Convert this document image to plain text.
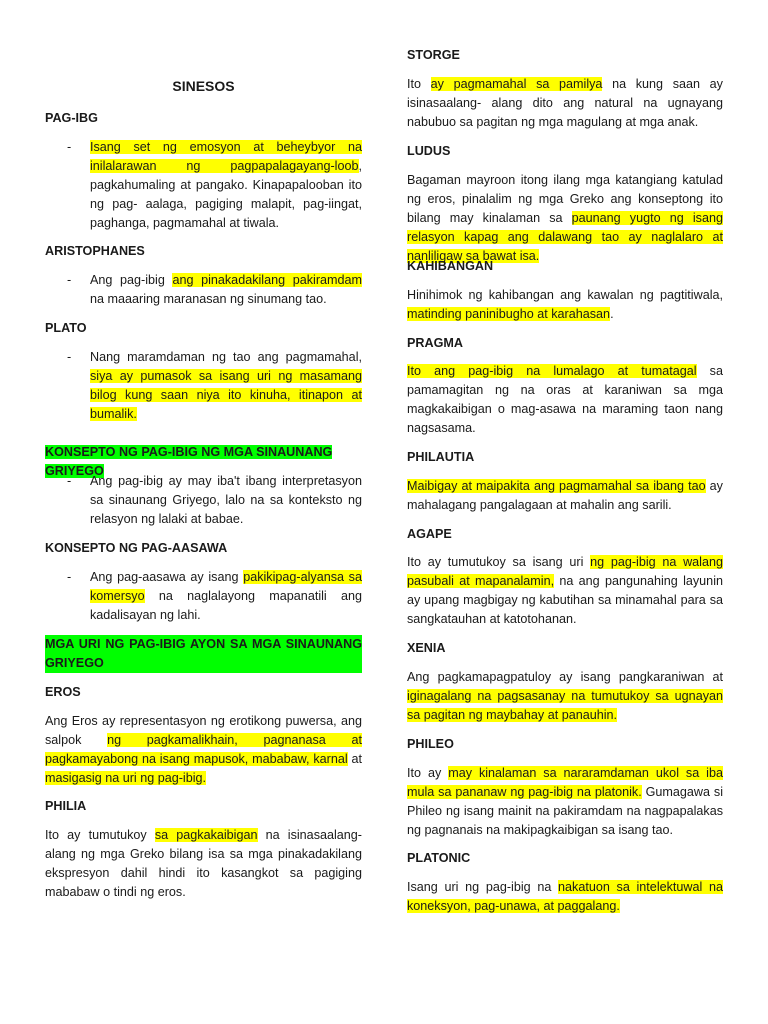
SINESOS
PAG-IBG
- Isang set ng emosyon at beheybyor na inilalarawan ng pagpapalagayang-loob, pagkahumaling at pangako. Kinapapalooban ito ng pag- aalaga, pagiging malapit, pag-iingat, paghanga, pagmamahal at tiwala.

ARISTOPHANES
- Ang pag-ibig ang pinakadakilang pakiramdam na maaaring maranasan ng sinumang tao.

PLATO
- Nang maramdaman ng tao ang pagmamahal, siya ay pumasok sa isang uri ng masamang bilog kung saan niya ito kinuha, itinapon at bumalik.

KONSEPTO NG PAG-IBIG NG MGA SINAUNANG GRIYEGO
- Ang pag-ibig ay may iba't ibang interpretasyon sa sinaunang Griyego, lalo na sa konteksto ng relasyon ng lalaki at babae.

KONSEPTO NG PAG-AASAWA
- Ang pag-aasawa ay isang pakikipag-alyansa sa komersyo na naglalayong mapanatili ang kadalisayan ng lahi.

MGA URI NG PAG-IBIG AYON SA MGA SINAUNANG GRIYEGO
EROS

Ang Eros ay representasyon ng erotikong puwersa, ang salpok ng pagkamalikhain, pagnanasa at pagkamayabong na isang mapusok, mababaw, karnal at masigasig na uri ng pag-ibig.

PHILIA

Ito ay tumutukoy sa pagkakaibigan na isinasaalang-alang ng mga Greko bilang isa sa mga pinakadakilang ekspresyon dahil hindi ito kasangkot sa pagiging mababaw o tindi ng eros.

STORGE

Ito ay pagmamahal sa pamilya na kung saan ay isinasaalang- alang dito ang natural na ugnayang nabubuo sa pagitan ng mga magulang at mga anak.

LUDUS

Bagaman mayroon itong ilang mga katangiang katulad ng eros, pinalalim ng mga Greko ang konseptong ito bilang may kinalaman sa paunang yugto ng isang relasyon kapag ang dalawang tao ay naglalaro at nanliligaw sa bawat isa.

KAHIBANGAN

Hinihimok ng kahibangan ang kawalan ng pagtitiwala, matinding paninibugho at karahasan.

PRAGMA

Ito ang pag-ibig na lumalago at tumatagal sa pamamagitan ng na oras at karaniwan sa mga magkakaibigan o mag-asawa na maraming taon nang nagsasama.

PHILAUTIA

Maibigay at maipakita ang pagmamahal sa ibang tao ay mahalagang pangalagaan at mahalin ang sarili.

AGAPE

Ito ay tumutukoy sa isang uri ng pag-ibig na walang pasubali at mapanalamin, na ang pangunahing layunin ay upang magbigay ng kabutihan sa minamahal para sa sangkatauhan at katotohanan.

XENIA

Ang pagkamapagpatuloy ay isang pangkaraniwan at iginagalang na pagsasanay na tumutukoy sa ugnayan sa pagitan ng maybahay at panauhin.

PHILEO

Ito ay may kinalaman sa nararamdaman ukol sa iba mula sa pananaw ng pag-ibig na platonik. Gumagawa si Phileo ng isang mainit na pakiramdam na nagpapalakas ng pagnanais na makipagkaibigan sa isang tao.

PLATONIC

Isang uri ng pag-ibig na nakatuon sa intelektuwal na koneksyon, pag-unawa, at paggalang.
